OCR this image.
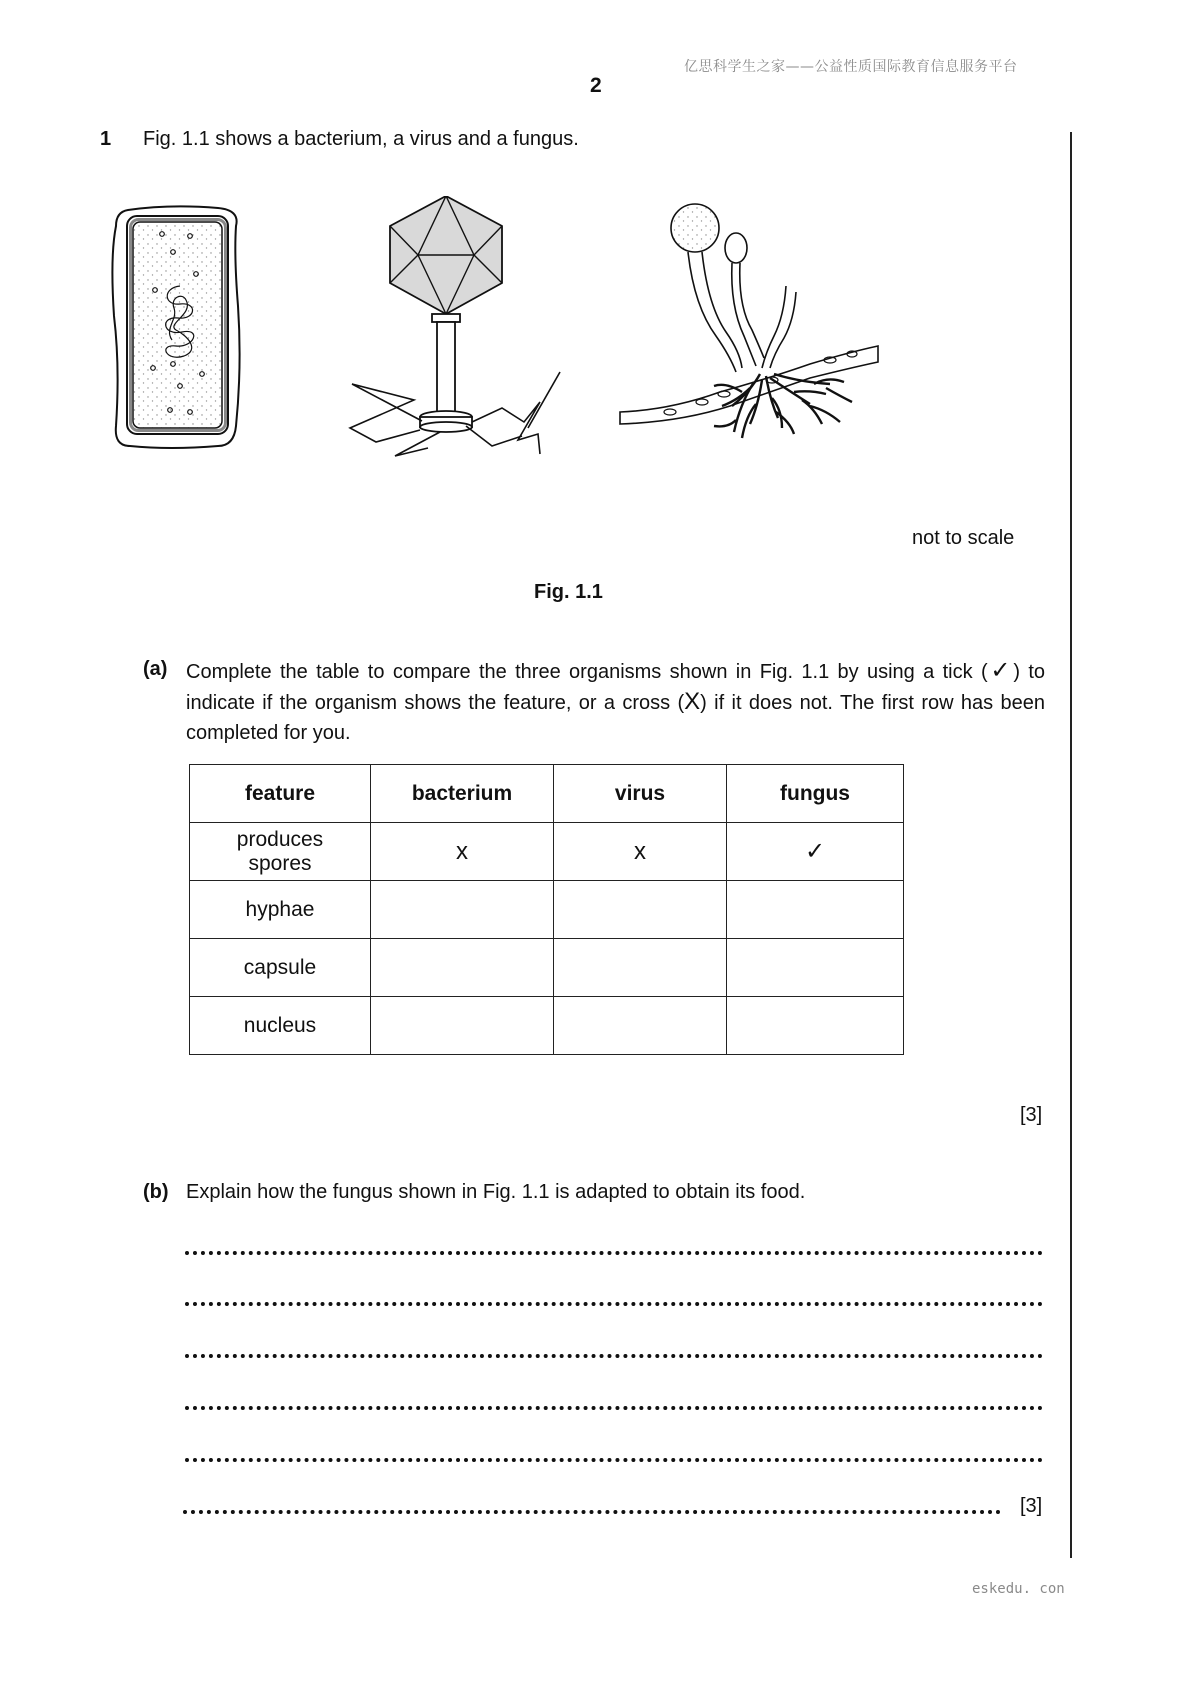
亿思科学生之家——公益性质国际教育信息服务平台
2
1 Fig. 1.1 shows a bacterium, a virus and a fungus.
not to scale
Fig. 1.1
(a) Complete the table to compare the three organisms shown in Fig. 1.1 by using a tick (✓) to indicate if the organism shows the feature, or a cross (X) if it does not. The first row has been completed for you.
feature	bacterium	virus	fungus

produces
spores	x	x	✓
hyphae			
capsule			
nucleus			
[3]
(b) Explain how the fungus shown in Fig. 1.1 is adapted to obtain its food.
[3]
eskedu. con
